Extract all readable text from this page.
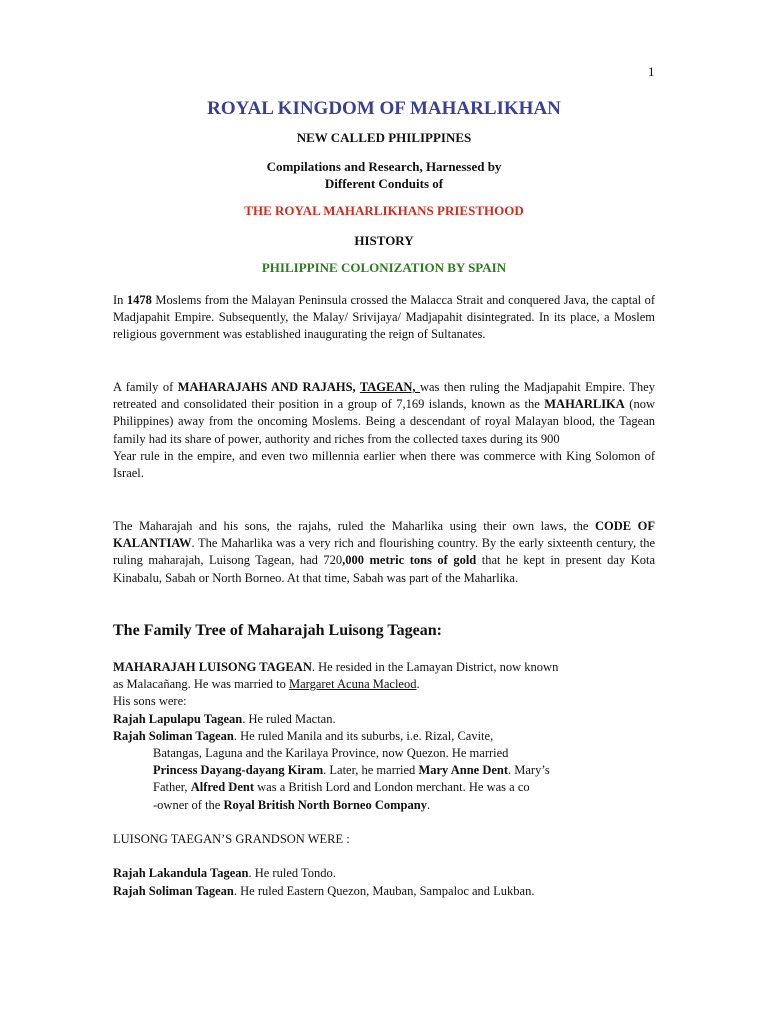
1
ROYAL KINGDOM OF MAHARLIKHAN
NEW CALLED PHILIPPINES
Compilations and Research, Harnessed by
Different Conduits of
THE ROYAL MAHARLIKHANS PRIESTHOOD
HISTORY
PHILIPPINE COLONIZATION BY SPAIN

In 1478 Moslems from the Malayan Peninsula crossed the Malacca Strait and conquered Java, the captal of Madjapahit Empire. Subsequently, the Malay/ Srivijaya/ Madjapahit disintegrated. In its place, a Moslem religious government was established inaugurating the reign of Sultanates.

A family of MAHARAJAHS AND RAJAHS, TAGEAN, was then ruling the Madjapahit Empire. They retreated and consolidated their position in a group of 7,169 islands, known as the MAHARLIKA (now Philippines) away from the oncoming Moslems. Being a descendant of royal Malayan blood, the Tagean family had its share of power, authority and riches from the collected taxes during its 900
Year rule in the empire, and even two millennia earlier when there was commerce with King Solomon of Israel.

The Maharajah and his sons, the rajahs, ruled the Maharlika using their own laws, the CODE OF KALANTIAW. The Maharlika was a very rich and flourishing country. By the early sixteenth century, the ruling maharajah, Luisong Tagean, had 720,000 metric tons of gold that he kept in present day Kota Kinabalu, Sabah or North Borneo. At that time, Sabah was part of the Maharlika.

The Family Tree of Maharajah Luisong Tagean:
MAHARAJAH LUISONG TAGEAN. He resided in the Lamayan District, now known
as Malacañang. He was married to Margaret Acuna Macleod.
His sons were:
Rajah Lapulapu Tagean. He ruled Mactan.
Rajah Soliman Tagean. He ruled Manila and its suburbs, i.e. Rizal, Cavite,
Batangas, Laguna and the Karilaya Province, now Quezon. He married
Princess Dayang-dayang Kiram. Later, he married Mary Anne Dent. Mary’s
Father, Alfred Dent was a British Lord and London merchant. He was a co
-owner of the Royal British North Borneo Company.
LUISONG TAEGAN’S GRANDSON WERE :
Rajah Lakandula Tagean. He ruled Tondo.
Rajah Soliman Tagean. He ruled Eastern Quezon, Mauban, Sampaloc and Lukban.
